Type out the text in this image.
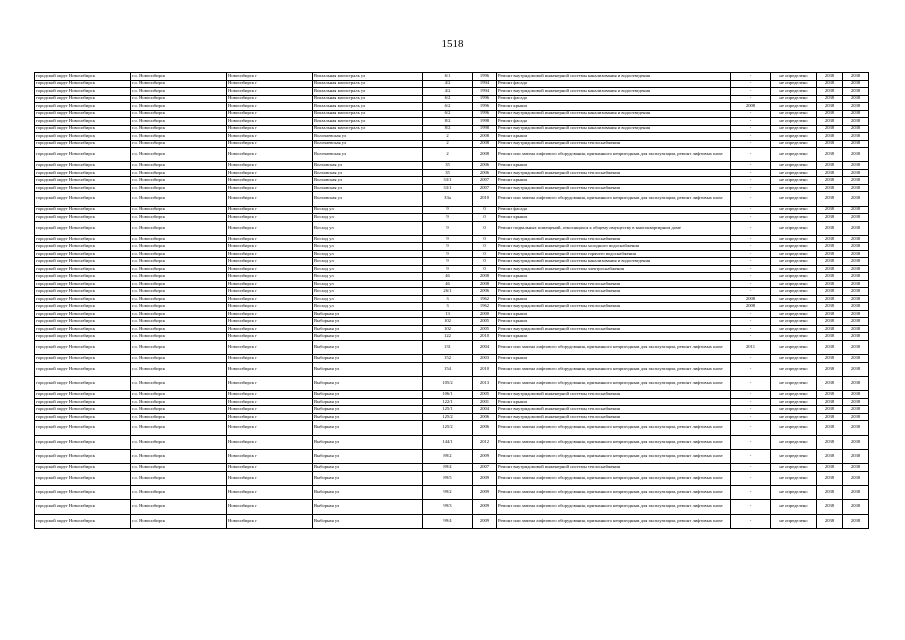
1518
городской округ Новосибирск	г.о. Новосибирск	Новосибирск г	Вокзальная магистраль ул	6/1	1996	Ремонт внутридомовой инженерной системы канализования и водоотведения	-	не определено	2038	2038
городской округ Новосибирск	г.о. Новосибирск	Новосибирск г	Вокзальная магистраль ул	4/2	1994	Ремонт фасада	-	не определено	2038	2038
городской округ Новосибирск	г.о. Новосибирск	Новосибирск г	Вокзальная магистраль ул	4/2	1994	Ремонт внутридомовой инженерной системы канализования и водоотведения	-	не определено	2038	2038
городской округ Новосибирск	г.о. Новосибирск	Новосибирск г	Вокзальная магистраль ул	6/2	1996	Ремонт фасада	-	не определено	2038	2038
городской округ Новосибирск	г.о. Новосибирск	Новосибирск г	Вокзальная магистраль ул	6/2	1996	Ремонт крыши	2008	не определено	2038	2038
городской округ Новосибирск	г.о. Новосибирск	Новосибирск г	Вокзальная магистраль ул	6/2	1996	Ремонт внутридомовой инженерной системы канализования и водоотведения	-	не определено	2038	2038
городской округ Новосибирск	г.о. Новосибирск	Новосибирск г	Вокзальная магистраль ул	8/2	1998	Ремонт фасада	-	не определено	2038	2038
городской округ Новосибирск	г.о. Новосибирск	Новосибирск г	Вокзальная магистраль ул	8/2	1998	Ремонт внутридомовой инженерной системы канализования и водоотведения	-	не определено	2038	2038
городской округ Новосибирск	г.о. Новосибирск	Новосибирск г	Волочаевская ул	2	2008	Ремонт крыши	-	не определено	2038	2038
городской округ Новосибирск	г.о. Новосибирск	Новосибирск г	Волочаевская ул	2	2008	Ремонт внутридомовой инженерной системы теплоснабжения	-	не определено	2038	2038
городской округ Новосибирск	г.о. Новосибирск	Новосибирск г	Волочаевская ул	2	2008	Ремонт или замена лифтового оборудования, признанного непригодным для эксплуатации, ремонт лифтовых шахт	-	не определено	2038	2038
городской округ Новосибирск	г.о. Новосибирск	Новосибирск г	Волховская ул	35	2006	Ремонт крыши	-	не определено	2038	2038
городской округ Новосибирск	г.о. Новосибирск	Новосибирск г	Волховская ул	35	2006	Ремонт внутридомовой инженерной системы теплоснабжения	-	не определено	2038	2038
городской округ Новосибирск	г.о. Новосибирск	Новосибирск г	Волховская ул	33/1	2007	Ремонт крыши	-	не определено	2038	2038
городской округ Новосибирск	г.о. Новосибирск	Новосибирск г	Волховская ул	33/1	2007	Ремонт внутридомовой инженерной системы теплоснабжения	-	не определено	2038	2038
городской округ Новосибирск	г.о. Новосибирск	Новосибирск г	Волховская ул	33а	2010	Ремонт или замена лифтового оборудования, признанного непригодным для эксплуатации, ремонт лифтовых шахт	-	не определено	2038	2038
городской округ Новосибирск	г.о. Новосибирск	Новосибирск г	Восход ул	9	0	Ремонт фасада	-	не определено	2038	2038
городской округ Новосибирск	г.о. Новосибирск	Новосибирск г	Восход ул	9	0	Ремонт крыши	-	не определено	2038	2038
городской округ Новосибирск	г.о. Новосибирск	Новосибирск г	Восход ул	9	0	Ремонт подвальных помещений, относящихся к общему имуществу в многоквартирном доме	-	не определено	2038	2038
городской округ Новосибирск	г.о. Новосибирск	Новосибирск г	Восход ул	9	0	Ремонт внутридомовой инженерной системы теплоснабжения	-	не определено	2038	2038
городской округ Новосибирск	г.о. Новосибирск	Новосибирск г	Восход ул	9	0	Ремонт внутридомовой инженерной системы холодного водоснабжения	-	не определено	2038	2038
городской округ Новосибирск	г.о. Новосибирск	Новосибирск г	Восход ул	9	0	Ремонт внутридомовой инженерной системы горячего водоснабжения	-	не определено	2038	2038
городской округ Новосибирск	г.о. Новосибирск	Новосибирск г	Восход ул	9	0	Ремонт внутридомовой инженерной системы канализования и водоотведения	-	не определено	2038	2038
городской округ Новосибирск	г.о. Новосибирск	Новосибирск г	Восход ул	9	0	Ремонт внутридомовой инженерной системы электроснабжения	-	не определено	2038	2038
городской округ Новосибирск	г.о. Новосибирск	Новосибирск г	Восход ул	46	2008	Ремонт крыши	-	не определено	2038	2038
городской округ Новосибирск	г.о. Новосибирск	Новосибирск г	Восход ул	46	2008	Ремонт внутридомовой инженерной системы теплоснабжения	-	не определено	2038	2038
городской округ Новосибирск	г.о. Новосибирск	Новосибирск г	Восход ул	26/1	2006	Ремонт внутридомовой инженерной системы теплоснабжения	-	не определено	2038	2038
городской округ Новосибирск	г.о. Новосибирск	Новосибирск г	Восход ул	3	1962	Ремонт крыши	2008	не определено	2038	2038
городской округ Новосибирск	г.о. Новосибирск	Новосибирск г	Восход ул	3	1962	Ремонт внутридомовой инженерной системы теплоснабжения	2008	не определено	2038	2038
городской округ Новосибирск	г.о. Новосибирск	Новосибирск г	Выборная ул	13	2000	Ремонт крыши	-	не определено	2038	2038
городской округ Новосибирск	г.о. Новосибирск	Новосибирск г	Выборная ул	102	2005	Ремонт крыши	-	не определено	2038	2038
городской округ Новосибирск	г.о. Новосибирск	Новосибирск г	Выборная ул	102	2005	Ремонт внутридомовой инженерной системы теплоснабжения	-	не определено	2038	2038
городской округ Новосибирск	г.о. Новосибирск	Новосибирск г	Выборная ул	122	2010	Ремонт крыши	-	не определено	2038	2038
городской округ Новосибирск	г.о. Новосибирск	Новосибирск г	Выборная ул	131	2004	Ремонт или замена лифтового оборудования, признанного непригодным для эксплуатации, ремонт лифтовых шахт	2011	не определено	2038	2038
городской округ Новосибирск	г.о. Новосибирск	Новосибирск г	Выборная ул	152	2003	Ремонт крыши	-	не определено	2038	2038
городской округ Новосибирск	г.о. Новосибирск	Новосибирск г	Выборная ул	154	2010	Ремонт или замена лифтового оборудования, признанного непригодным для эксплуатации, ремонт лифтовых шахт	-	не определено	2038	2038
городской округ Новосибирск	г.о. Новосибирск	Новосибирск г	Выборная ул	105/2	2013	Ремонт или замена лифтового оборудования, признанного непригодным для эксплуатации, ремонт лифтовых шахт	-	не определено	2038	2038
городской округ Новосибирск	г.о. Новосибирск	Новосибирск г	Выборная ул	106/1	2005	Ремонт внутридомовой инженерной системы теплоснабжения	-	не определено	2038	2038
городской округ Новосибирск	г.о. Новосибирск	Новосибирск г	Выборная ул	122/1	2001	Ремонт крыши	-	не определено	2038	2038
городской округ Новосибирск	г.о. Новосибирск	Новосибирск г	Выборная ул	125/1	2004	Ремонт внутридомовой инженерной системы теплоснабжения	-	не определено	2038	2038
городской округ Новосибирск	г.о. Новосибирск	Новосибирск г	Выборная ул	125/2	2006	Ремонт внутридомовой инженерной системы теплоснабжения	-	не определено	2038	2038
городской округ Новосибирск	г.о. Новосибирск	Новосибирск г	Выборная ул	125/2	2006	Ремонт или замена лифтового оборудования, признанного непригодным для эксплуатации, ремонт лифтовых шахт	-	не определено	2038	2038
городской округ Новосибирск	г.о. Новосибирск	Новосибирск г	Выборная ул	144/1	2012	Ремонт или замена лифтового оборудования, признанного непригодным для эксплуатации, ремонт лифтовых шахт	-	не определено	2038	2038
городской округ Новосибирск	г.о. Новосибирск	Новосибирск г	Выборная ул	89/2	2009	Ремонт или замена лифтового оборудования, признанного непригодным для эксплуатации, ремонт лифтовых шахт	-	не определено	2038	2038
городской округ Новосибирск	г.о. Новосибирск	Новосибирск г	Выборная ул	89/4	2007	Ремонт внутридомовой инженерной системы теплоснабжения	-	не определено	2038	2038
городской округ Новосибирск	г.о. Новосибирск	Новосибирск г	Выборная ул	89/5	2009	Ремонт или замена лифтового оборудования, признанного непригодным для эксплуатации, ремонт лифтовых шахт	-	не определено	2038	2038
городской округ Новосибирск	г.о. Новосибирск	Новосибирск г	Выборная ул	99/2	2009	Ремонт или замена лифтового оборудования, признанного непригодным для эксплуатации, ремонт лифтовых шахт	-	не определено	2038	2038
городской округ Новосибирск	г.о. Новосибирск	Новосибирск г	Выборная ул	99/3	2009	Ремонт или замена лифтового оборудования, признанного непригодным для эксплуатации, ремонт лифтовых шахт	-	не определено	2038	2038
городской округ Новосибирск	г.о. Новосибирск	Новосибирск г	Выборная ул	99/4	2009	Ремонт или замена лифтового оборудования, признанного непригодным для эксплуатации, ремонт лифтовых шахт	-	не определено	2038	2038
